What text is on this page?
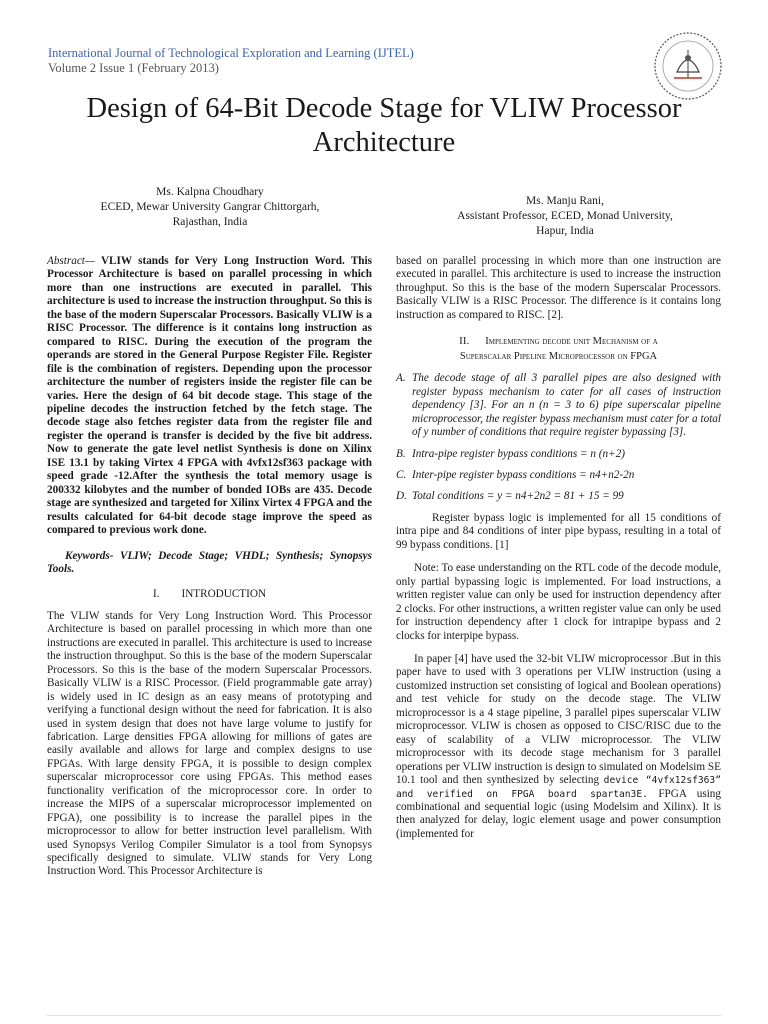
International Journal of Technological Exploration and Learning (IJTEL)
Volume 2 Issue 1 (February 2013)
Design of 64-Bit Decode Stage for VLIW Processor
Architecture
Ms. Kalpna Choudhary
ECED, Mewar University Gangrar Chittorgarh,
Rajasthan, India
Ms. Manju Rani,
Assistant Professor, ECED, Monad University,
Hapur, India

Abstract— VLIW stands for Very Long Instruction Word. This Processor Architecture is based on parallel processing in which more than one instructions are executed in parallel. This architecture is used to increase the instruction throughput. So this is the base of the modern Superscalar Processors. Basically VLIW is a RISC Processor. The difference is it contains long instruction as compared to RISC. During the execution of the program the operands are stored in the General Purpose Register File. Register file is the combination of registers. Depending upon the processor architecture the number of registers inside the register file can be varies. Here the design of 64 bit decode stage. This stage of the pipeline decodes the instruction fetched by the fetch stage. The decode stage also fetches register data from the register file and register the operand is transfer is decided by the five bit address. Now to generate the gate level netlist Synthesis is done on Xilinx ISE 13.1 by taking Virtex 4 FPGA with 4vfx12sf363 package with speed grade -12.After the synthesis the total memory usage is 200332 kilobytes and the number of bonded IOBs are 435. Decode stage are synthesized and targeted for Xilinx Virtex 4 FPGA and the results calculated for 64-bit decode stage improve the speed as compared to previous work done.

Keywords- VLIW; Decode Stage; VHDL; Synthesis; Synopsys Tools.

I. INTRODUCTION

The VLIW stands for Very Long Instruction Word. This Processor Architecture is based on parallel processing in which more than one instructions are executed in parallel. This architecture is used to increase the instruction throughput. So this is the base of the modern Superscalar Processors. So this is the base of the modern Superscalar Processors. Basically VLIW is a RISC Processor. (Field programmable gate array) is widely used in IC design as an easy means of prototyping and verifying a functional design without the need for fabrication. It is also used in system design that does not have large volume to justify for fabrication. Large densities FPGA allowing for millions of gates are easily available and allows for large and complex designs to use FPGAs. With large density FPGA, it is possible to design complex superscalar microprocessor core using FPGAs. This method eases functionality verification of the microprocessor core. In order to increase the MIPS of a superscalar microprocessor implemented on FPGA), one possibility is to increase the parallel pipes in the microprocessor to allow for better instruction level parallelism. With used Synopsys Verilog Compiler Simulator is a tool from Synopsys specifically designed to simulate. VLIW stands for Very Long Instruction Word. This Processor Architecture is

based on parallel processing in which more than one instruction are executed in parallel. This architecture is used to increase the instruction throughput. So this is the base of the modern Superscalar Processors. Basically VLIW is a RISC Processor. The difference is it contains long instruction as compared to RISC. [2].

II. Implementing decode unit Mechanism of a
Superscalar Pipeline Microprocessor on FPGA

A. The decode stage of all 3 parallel pipes are also designed with register bypass mechanism to cater for all cases of instruction dependency [3]. For an n (n = 3 to 6) pipe superscalar pipeline microprocessor, the register bypass mechanism must cater for a total of y number of conditions that require register bypassing [3].

B. Intra-pipe register bypass conditions = n (n+2)

C. Inter-pipe register bypass conditions = n4+n2-2n

D. Total conditions = y = n4+2n2 = 81 + 15 = 99

Register bypass logic is implemented for all 15 conditions of intra pipe and 84 conditions of inter pipe bypass, resulting in a total of 99 bypass conditions. [1]

Note: To ease understanding on the RTL code of the decode module, only partial bypassing logic is implemented. For load instructions, a written register value can only be used for instruction dependency after 2 clocks. For other instructions, a written register value can only be used for instruction dependency after 1 clock for intrapipe bypass and 2 clocks for interpipe bypass.

In paper [4] have used the 32-bit VLIW microprocessor .But in this paper have to used with 3 operations per VLIW instruction (using a customized instruction set consisting of logical and Boolean operations) and test vehicle for study on the decode stage. The VLIW microprocessor is a 4 stage pipeline, 3 parallel pipes superscalar VLIW microprocessor. VLIW is chosen as opposed to CISC/RISC due to the easy of scalability of a VLIW microprocessor. The VLIW microprocessor with its decode stage mechanism for 3 parallel operations per VLIW instruction is design to simulated on Modelsim SE 10.1 tool and then synthesized by selecting device “4vfx12sf363” and verified on FPGA board spartan3E. FPGA using combinational and sequential logic (using Modelsim and Xilinx). It is then analyzed for delay, logic element usage and power consumption (implemented for
